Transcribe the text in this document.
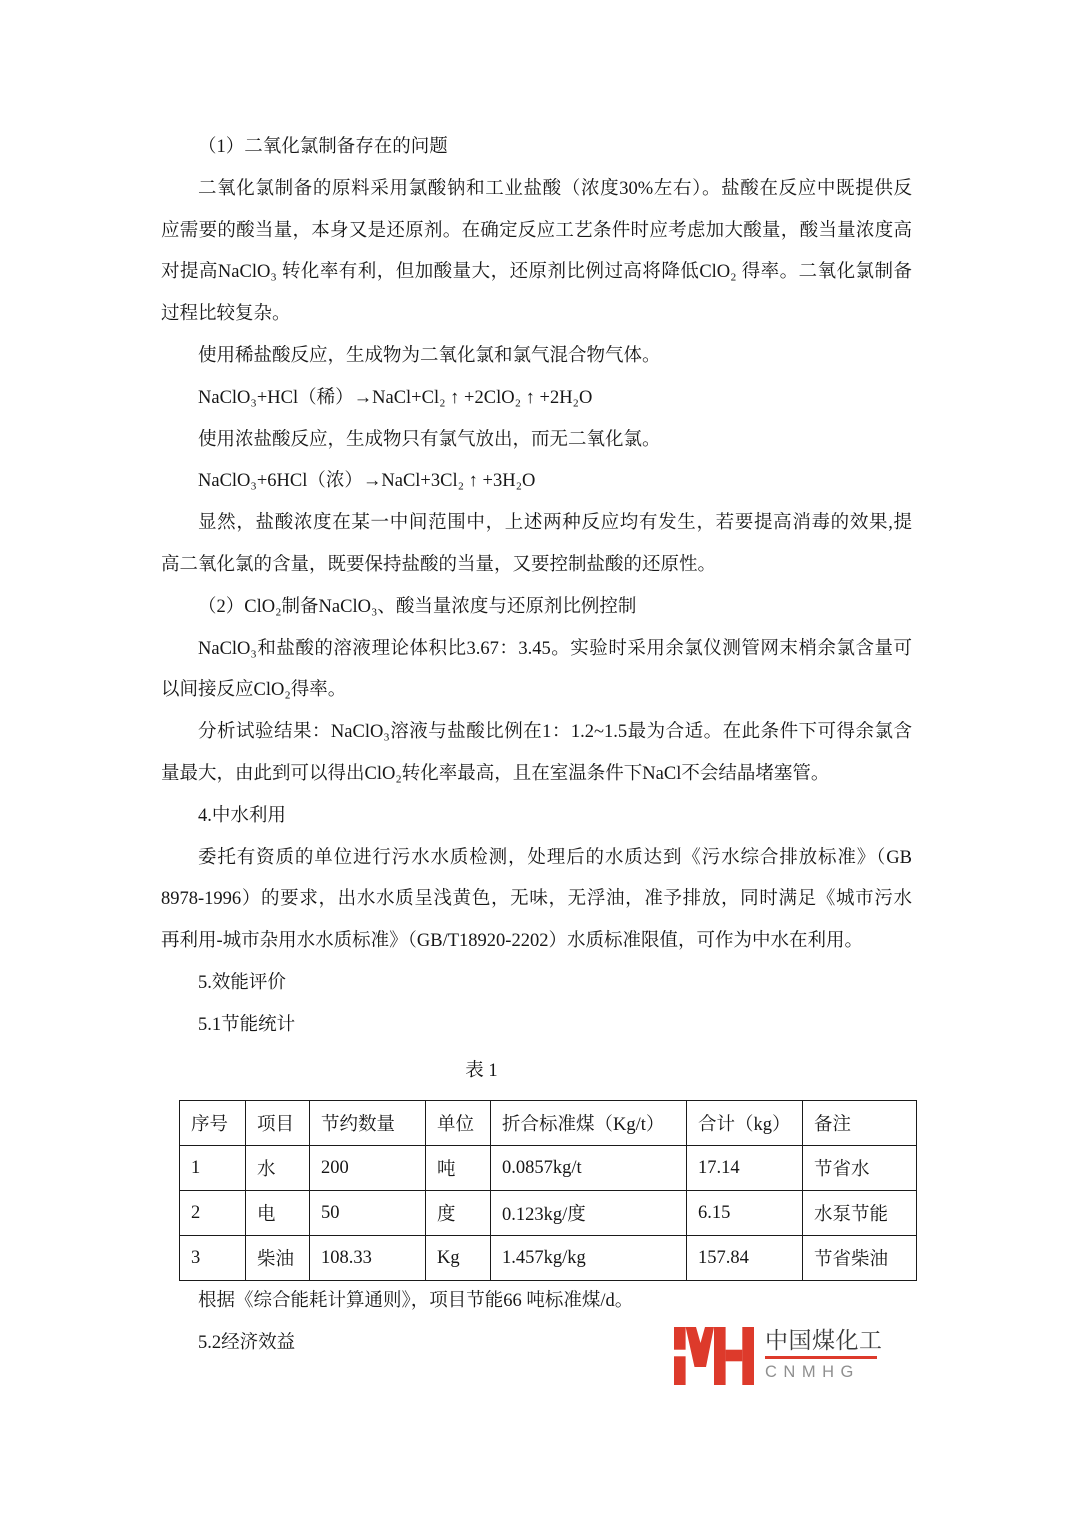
（1）二氧化氯制备存在的问题
二氧化氯制备的原料采用氯酸钠和工业盐酸（浓度30%左右）。盐酸在反应中既提供反
应需要的酸当量，本身又是还原剂。在确定反应工艺条件时应考虑加大酸量，酸当量浓度高
对提高NaClO₃ 转化率有利，但加酸量大，还原剂比例过高将降低ClO₂ 得率。二氧化氯制备
过程比较复杂。
使用稀盐酸反应，生成物为二氧化氯和氯气混合物气体。
NaClO₃+HCl（稀）→NaCl+Cl₂ ↑ +2ClO₂ ↑ +2H₂O
使用浓盐酸反应，生成物只有氯气放出，而无二氧化氯。
NaClO₃+6HCl（浓）→NaCl+3Cl₂ ↑ +3H₂O
显然，盐酸浓度在某一中间范围中，上述两种反应均有发生，若要提高消毒的效果,提
高二氧化氯的含量，既要保持盐酸的当量，又要控制盐酸的还原性。
（2）ClO₂制备NaClO₃、酸当量浓度与还原剂比例控制
NaClO₃和盐酸的溶液理论体积比3.67：3.45。实验时采用余氯仪测管网末梢余氯含量可
以间接反应ClO₂得率。
分析试验结果：NaClO₃溶液与盐酸比例在1：1.2~1.5最为合适。在此条件下可得余氯含
量最大，由此到可以得出ClO₂转化率最高，且在室温条件下NaCl不会结晶堵塞管。
4.中水利用
委托有资质的单位进行污水水质检测，处理后的水质达到《污水综合排放标准》（GB
8978-1996）的要求，出水水质呈浅黄色，无味，无浮油，准予排放，同时满足《城市污水
再利用-城市杂用水水质标准》（GB/T18920-2202）水质标准限值，可作为中水在利用。
5.效能评价
5.1节能统计
表 1
序号	项目	节约数量	单位	折合标准煤（Kg/t）	合计（kg）	备注
1	水	200	吨	0.0857kg/t	17.14	节省水
2	电	50	度	0.123kg/度	6.15	水泵节能
3	柴油	108.33	Kg	1.457kg/kg	157.84	节省柴油
根据《综合能耗计算通则》，项目节能66 吨标准煤/d。
5.2经济效益	中国煤化工
CNMHG
